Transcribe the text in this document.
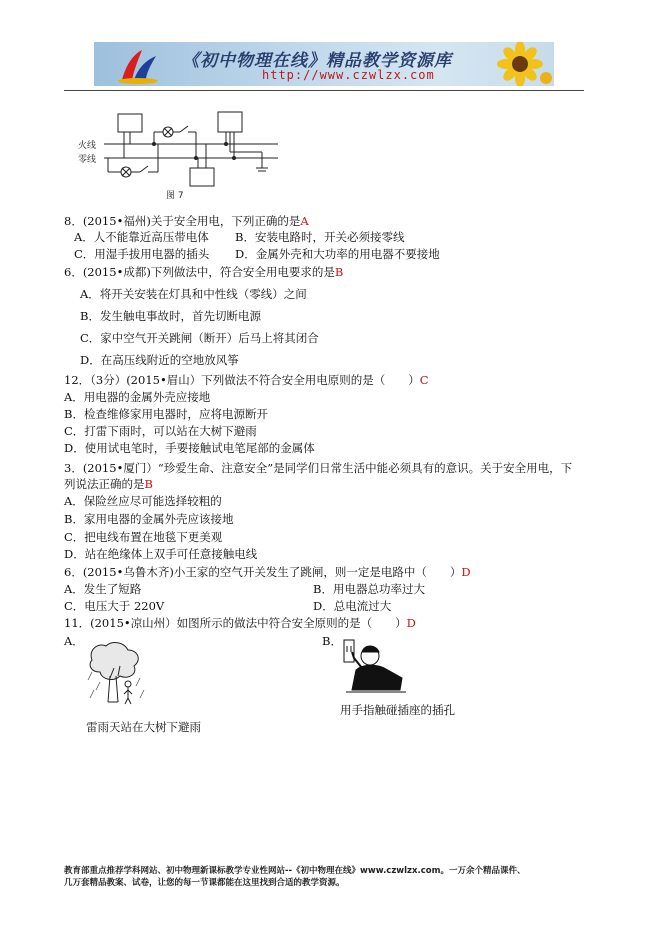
《初中物理在线》精品教学资源库
http://www.czwlzx.com
火线
零线
图 7
8．(2015•福州)关于安全用电，下列正确的是A
A．人不能靠近高压带电体 B．安装电路时，开关必须接零线
C．用湿手拔用电器的插头 D．金属外壳和大功率的用电器不要接地
6．(2015•成都)下列做法中，符合安全用电要求的是B
A．将开关安装在灯具和中性线（零线）之间
B．发生触电事故时，首先切断电源
C．家中空气开关跳闸（断开）后马上将其闭合
D．在高压线附近的空地放风筝
12．（3分）(2015•眉山）下列做法不符合安全用电原则的是（　　）C
A．用电器的金属外壳应接地
B．检查维修家用电器时，应将电源断开
C．打雷下雨时，可以站在大树下避雨
D．使用试电笔时，手要接触试电笔尾部的金属体
3．(2015•厦门）“珍爱生命、注意安全”是同学们日常生活中能必须具有的意识。关于安全用电，下
列说法正确的是B
A．保险丝应尽可能选择较粗的
B．家用电器的金属外壳应该接地
C．把电线布置在地毯下更美观
D．站在绝缘体上双手可任意接触电线
6．(2015•乌鲁木齐)小王家的空气开关发生了跳闸，则一定是电路中（　　）D
A．发生了短路	B．用电器总功率过大
C．电压大于 220V	D．总电流过大
11．(2015•凉山州）如图所示的做法中符合安全原则的是（　　）D
A．	B．
雷雨天站在大树下避雨
用手指触碰插座的插孔
教育部重点推荐学科网站、初中物理新课标教学专业性网站--《初中物理在线》www.czwlzx.com。一万余个精品课件、
几万套精品教案、试卷，让您的每一节课都能在这里找到合适的教学资源。
